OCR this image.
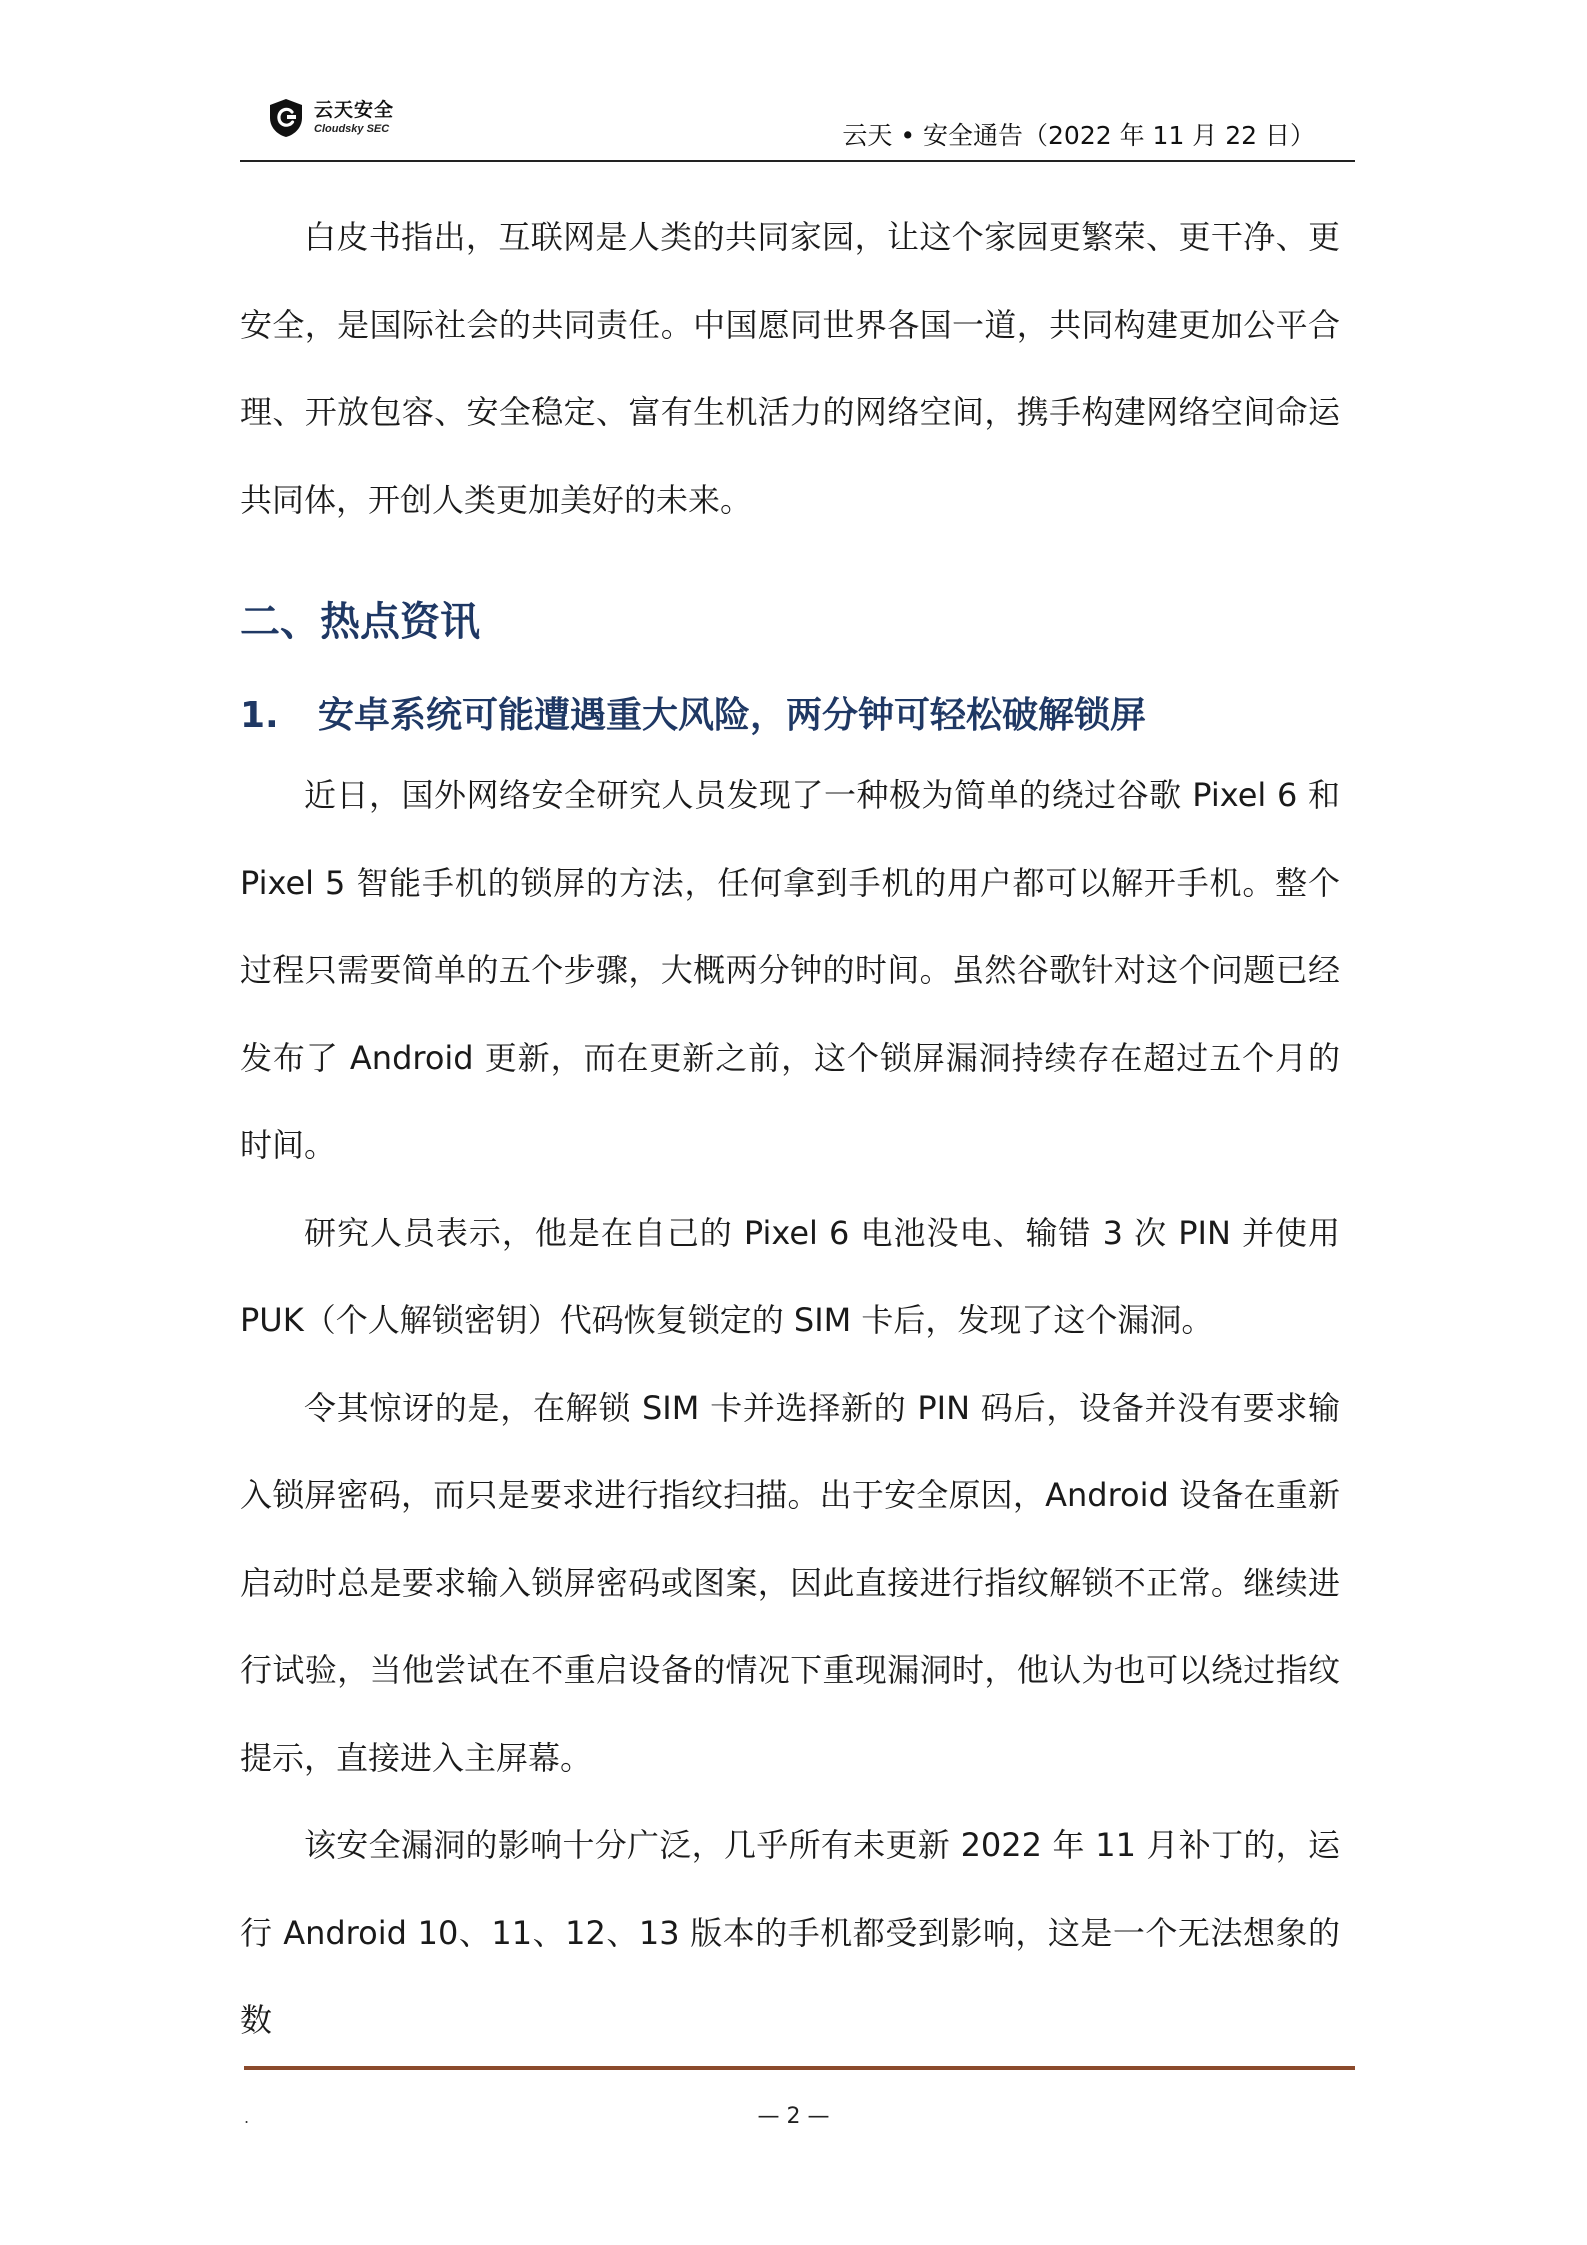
云天安全
Cloudsky SEC	云天 • 安全通告（2022 年 11 月 22 日）

白皮书指出，互联网是人类的共同家园，让这个家园更繁荣、更干净、更安全，是国际社会的共同责任。中国愿同世界各国一道，共同构建更加公平合理、开放包容、安全稳定、富有生机活力的网络空间，携手构建网络空间命运共同体，开创人类更加美好的未来。

二、热点资讯
1. 安卓系统可能遭遇重大风险，两分钟可轻松破解锁屏

近日，国外网络安全研究人员发现了一种极为简单的绕过谷歌 Pixel 6 和 Pixel 5 智能手机的锁屏的方法，任何拿到手机的用户都可以解开手机。整个过程只需要简单的五个步骤，大概两分钟的时间。虽然谷歌针对这个问题已经发布了 Android 更新，而在更新之前，这个锁屏漏洞持续存在超过五个月的时间。

研究人员表示，他是在自己的 Pixel 6 电池没电、输错 3 次 PIN 并使用 PUK（个人解锁密钥）代码恢复锁定的 SIM 卡后，发现了这个漏洞。

令其惊讶的是，在解锁 SIM 卡并选择新的 PIN 码后，设备并没有要求输入锁屏密码，而只是要求进行指纹扫描。出于安全原因，Android 设备在重新启动时总是要求输入锁屏密码或图案，因此直接进行指纹解锁不正常。继续进行试验，当他尝试在不重启设备的情况下重现漏洞时，他认为也可以绕过指纹提示，直接进入主屏幕。

该安全漏洞的影响十分广泛，几乎所有未更新 2022 年 11 月补丁的，运行 Android 10、11、12、13 版本的手机都受到影响，这是一个无法想象的数

.	— 2 —
